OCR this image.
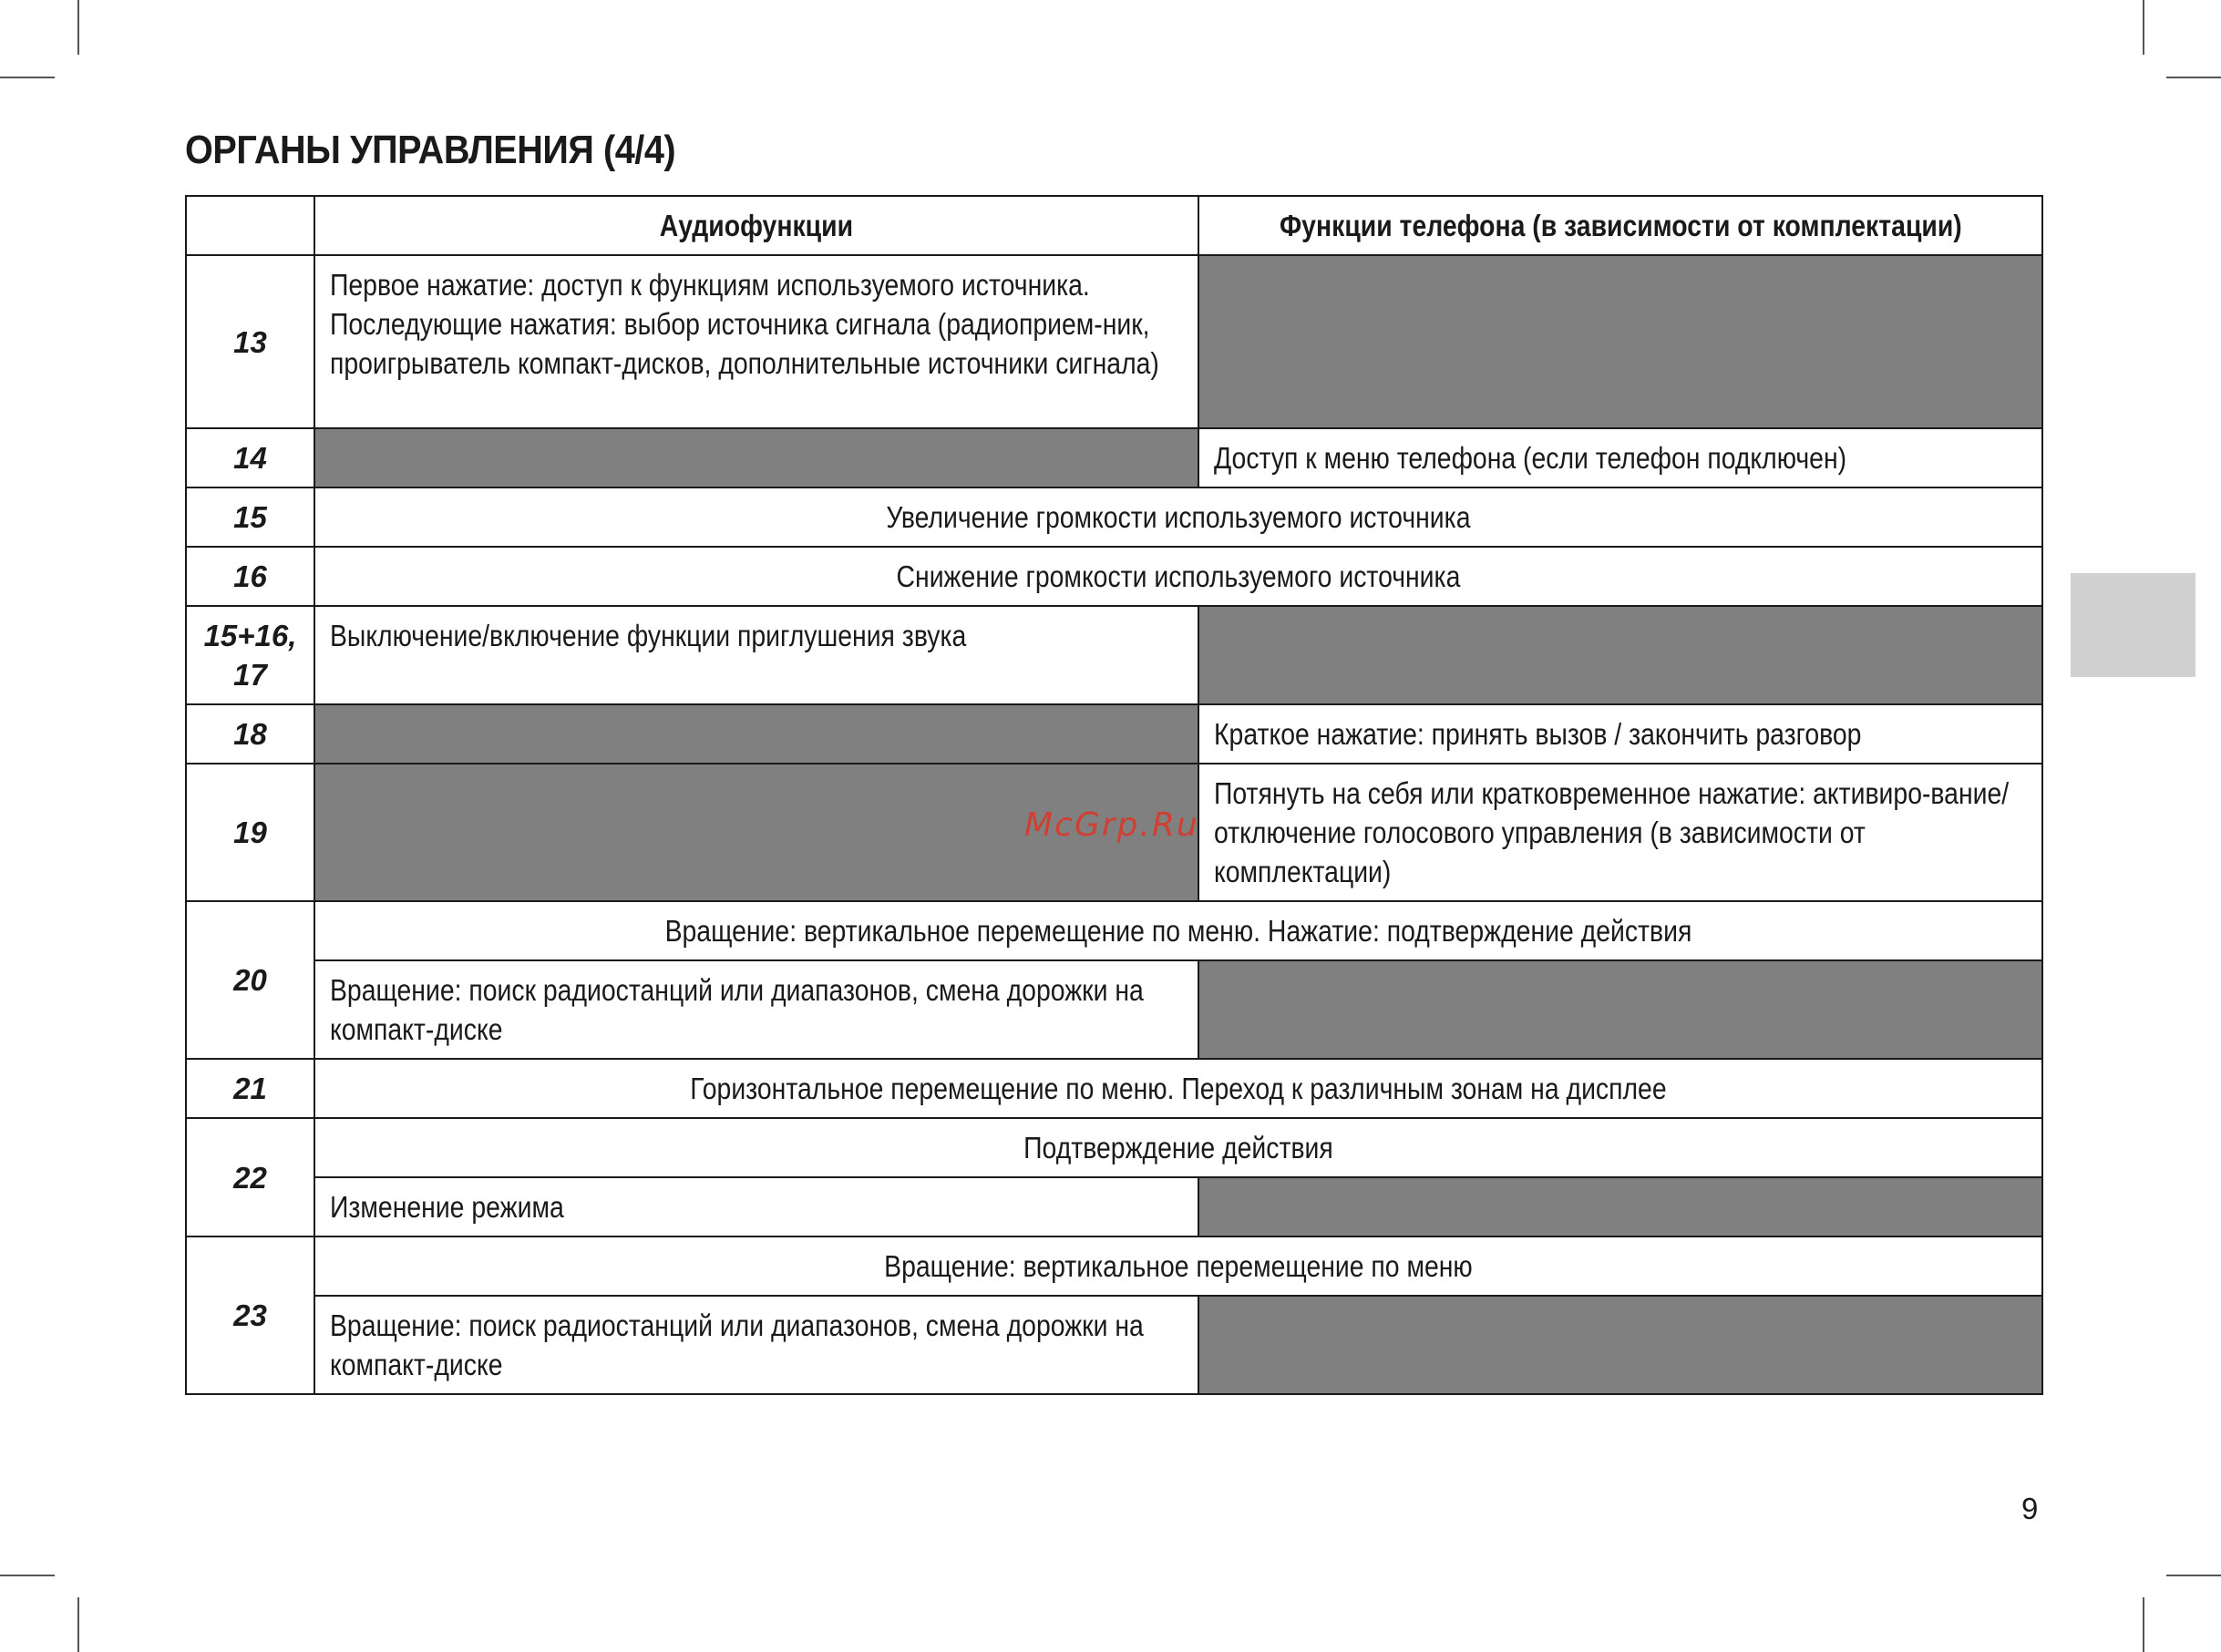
ОРГАНЫ УПРАВЛЕНИЯ (4/4)
	Аудиофункции	Функции телефона (в зависимости от комплектации)
13	Первое нажатие: доступ к функциям используемого источника. Последующие нажатия: выбор источника сигнала (радиоприем-ник, проигрыватель компакт-дисков, дополнительные источники сигнала)	
14		Доступ к меню телефона (если телефон подключен)
15	Увеличение громкости используемого источника	
16	Снижение громкости используемого источника	
15+16, 17	Выключение/включение функции приглушения звука	
18		Краткое нажатие: принять вызов / закончить разговор
19		Потянуть на себя или кратковременное нажатие: активиро-вание/отключение голосового управления (в зависимости от комплектации)
20	Вращение: вертикальное перемещение по меню. Нажатие: подтверждение действия	
	Вращение: поиск радиостанций или диапазонов, смена дорожки на компакт-диске	
21	Горизонтальное перемещение по меню. Переход к различным зонам на дисплее	
22	Подтверждение действия	
	Изменение режима	
23	Вращение: вертикальное перемещение по меню	
	Вращение: поиск радиостанций или диапазонов, смена дорожки на компакт-диске	
McGrp.Ru
9
